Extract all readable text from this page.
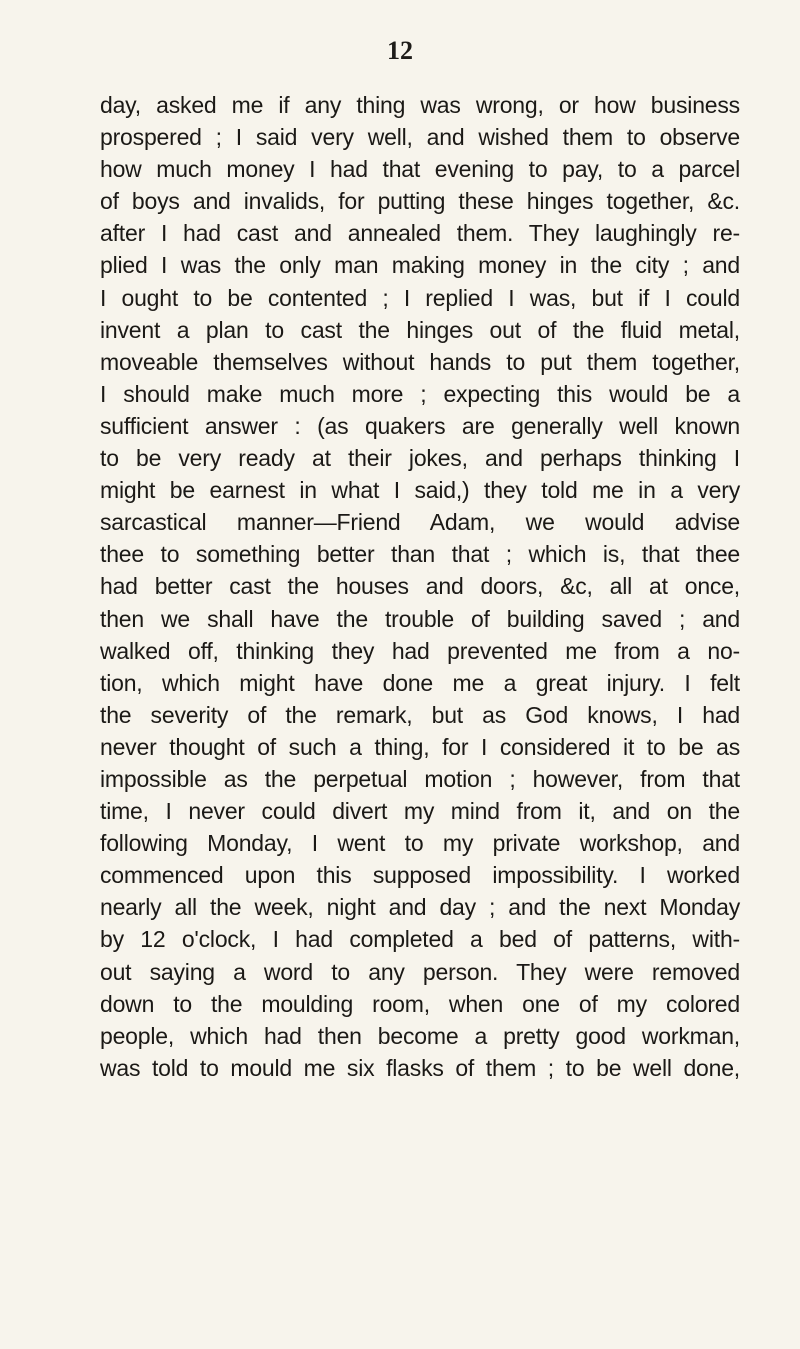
12
day, asked me if any thing was wrong, or how business
prospered ; I said very well, and wished them to observe
how much money I had that evening to pay, to a parcel
of boys and invalids, for putting these hinges together, &c.
after I had cast and annealed them. They laughingly re-
plied I was the only man making money in the city ; and
I ought to be contented ; I replied I was, but if I could
invent a plan to cast the hinges out of the fluid metal,
moveable themselves without hands to put them together,
I should make much more ; expecting this would be a
sufficient answer : (as quakers are generally well known
to be very ready at their jokes, and perhaps thinking I
might be earnest in what I said,) they told me in a very
sarcastical manner—Friend Adam, we would advise
thee to something better than that ; which is, that thee
had better cast the houses and doors, &c, all at once,
then we shall have the trouble of building saved ; and
walked off, thinking they had prevented me from a no-
tion, which might have done me a great injury. I felt
the severity of the remark, but as God knows, I had
never thought of such a thing, for I considered it to be as
impossible as the perpetual motion ; however, from that
time, I never could divert my mind from it, and on the
following Monday, I went to my private workshop, and
commenced upon this supposed impossibility. I worked
nearly all the week, night and day ; and the next Monday
by 12 o'clock, I had completed a bed of patterns, with-
out saying a word to any person. They were removed
down to the moulding room, when one of my colored
people, which had then become a pretty good workman,
was told to mould me six flasks of them ; to be well done,
